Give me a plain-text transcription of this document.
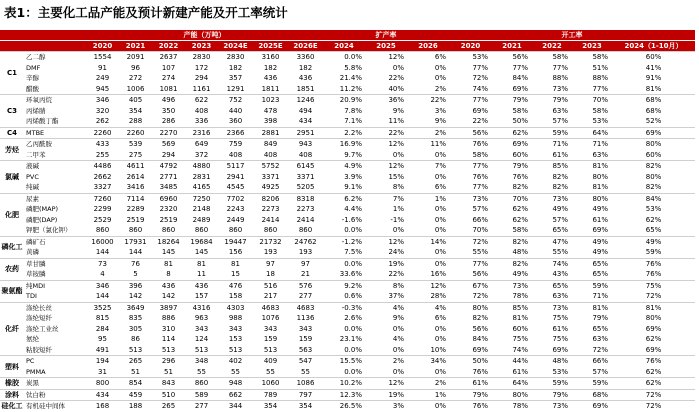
表1：主要化工品产能及预计新建产能及开工率统计
		产能（万吨）							扩产率			开工率				
		2020	2021	2022	2023	2024E	2025E	2026E	2024	2025	2026	2020	2021	2022	2023	2024（1-10月）
C1	乙二醇	1554	2091	2637	2830	2830	3160	3360	0.0%	12%	6%	53%	56%	58%	58%	60%
	DMF	91	96	107	172	182	182	182	5.8%	0%	0%	77%	77%	77%	51%	41%
	辛醇	249	272	274	294	357	436	436	21.4%	22%	0%	72%	84%	88%	88%	91%
	醋酸	945	1006	1081	1161	1291	1811	1851	11.2%	40%	2%	74%	69%	73%	77%	81%
C3	环氧丙烷	346	405	496	622	752	1023	1246	20.9%	36%	22%	77%	79%	79%	70%	68%
	丙烯腈	320	354	350	408	440	478	494	7.8%	9%	3%	69%	58%	63%	58%	68%
	丙烯酸丁酯	262	288	286	336	360	398	434	7.1%	11%	9%	22%	50%	57%	53%	52%
C4	MTBE	2260	2260	2270	2316	2366	2881	2951	2.2%	22%	2%	56%	62%	59%	64%	69%
芳烃	乙丙酰胺	433	539	569	649	759	849	943	16.9%	12%	11%	76%	69%	71%	71%	80%
	二甲苯	255	275	294	372	408	408	408	9.7%	0%	0%	58%	60%	61%	63%	60%
氯碱	液碱	4486	4611	4792	4880	5117	5752	6145	4.9%	12%	7%	77%	79%	85%	81%	82%
	PVC	2662	2614	2771	2831	2941	3371	3371	3.9%	15%	0%	76%	76%	82%	80%	80%
	纯碱	3327	3416	3485	4165	4545	4925	5205	9.1%	8%	6%	77%	82%	82%	81%	82%
化肥	尿素	7260	7114	6960	7250	7702	8206	8318	6.2%	7%	1%	73%	70%	73%	80%	84%
	磷肥(MAP)	2299	2289	2320	2148	2243	2273	2273	4.4%	1%	0%	57%	62%	49%	49%	53%
	磷肥(DAP)	2529	2519	2519	2489	2449	2414	2414	-1.6%	-1%	0%	66%	62%	57%	61%	62%
	钾肥（氯化钾）	860	860	860	860	860	860	860	0.0%	0%	0%	70%	58%	65%	69%	65%
磷化工	磷矿石	16000	17931	18264	19684	19447	21732	24762	-1.2%	12%	14%	72%	82%	47%	49%	49%
	黄磷	144	144	145	145	156	193	193	7.5%	24%	0%	55%	48%	55%	49%	59%
农药	草甘膦	73	76	81	81	81	97	97	0.0%	19%	0%	77%	82%	74%	65%	76%
	草铵膦	4	5	8	11	15	18	21	33.6%	22%	16%	56%	49%	43%	65%	76%
聚氨酯	纯MDI	346	396	436	436	476	516	576	9.2%	8%	12%	67%	73%	65%	59%	75%
	TDI	144	142	142	157	158	217	277	0.6%	37%	28%	72%	78%	63%	71%	72%
化纤	涤纶长丝	3525	3649	3897	4316	4303	4683	4683	-0.3%	4%	4%	80%	85%	73%	81%	81%
	涤纶短纤	815	835	886	963	988	1076	1136	2.6%	9%	6%	82%	81%	75%	79%	80%
	涤纶工业丝	284	305	310	343	343	343	343	0.0%	0%	0%	56%	60%	61%	65%	69%
	氨纶	95	86	114	124	153	159	159	23.1%	4%	0%	84%	75%	75%	63%	62%
	粘胶短纤	491	513	513	513	513	513	563	0.0%	0%	10%	69%	74%	69%	72%	69%
塑料	PC	194	265	296	348	402	409	547	15.5%	2%	34%	50%	44%	48%	66%	76%
	PMMA	31	51	51	55	55	55	55	0.0%	0%	0%	76%	61%	53%	57%	62%
橡胶	炭黑	800	854	843	860	948	1060	1086	10.2%	12%	2%	61%	64%	59%	59%	62%
涂料	钛白粉	434	459	510	589	662	789	797	12.3%	19%	1%	79%	80%	79%	68%	72%
硅化工	有机硅中间体	168	188	265	277	344	354	354	26.5%	3%	0%	76%	78%	73%	69%	72%
